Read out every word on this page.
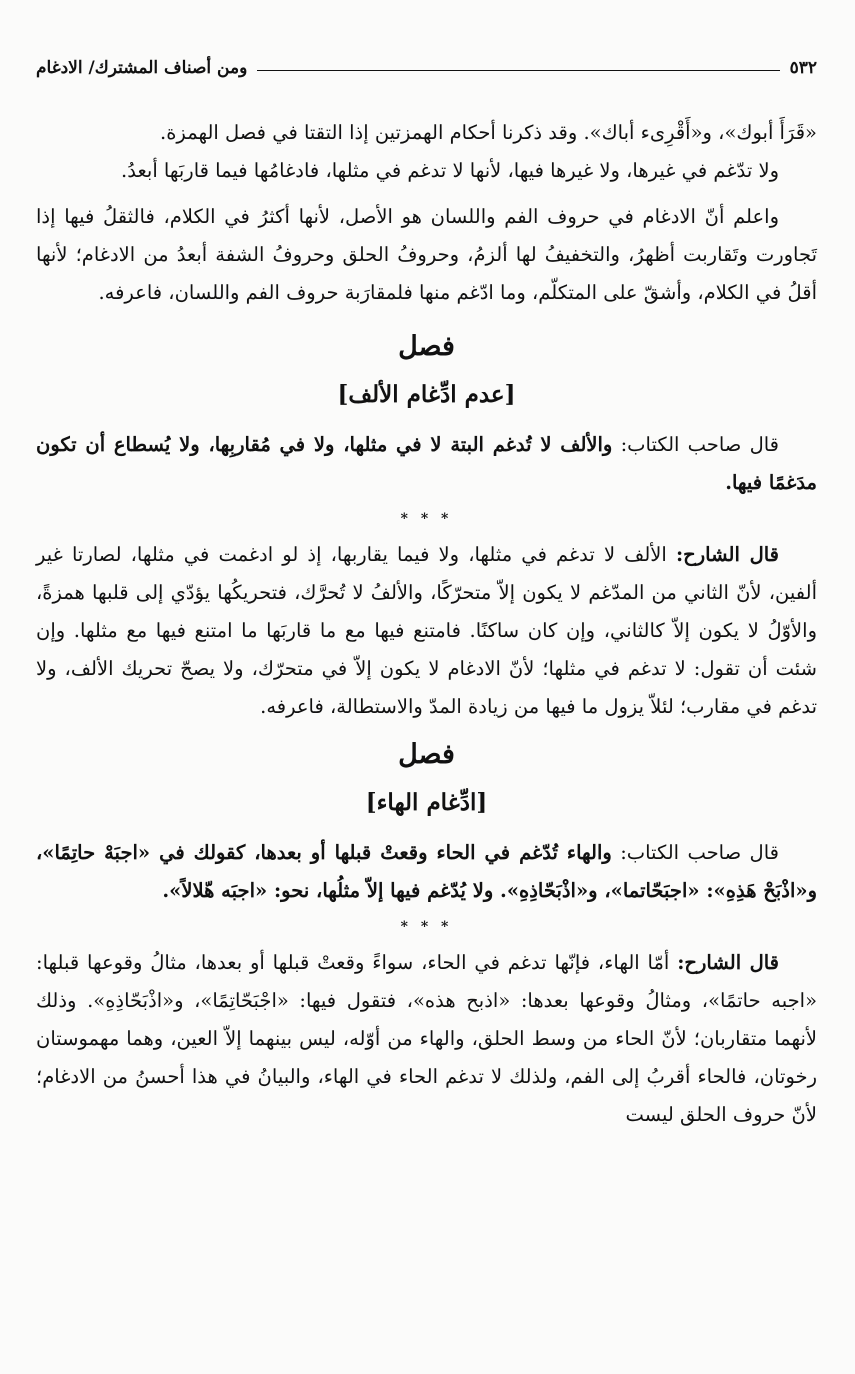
٥٣٢
ومن أصناف المشترك/ الادغام

«قَرَأَ أبوك»، و«أَقْرِىء أباك». وقد ذكرنا أحكام الهمزتين إذا التقتا في فصل الهمزة.

ولا تدّغم في غيرها، ولا غيرها فيها، لأنها لا تدغم في مثلها، فادغامُها فيما قاربَها أبعدُ.

واعلم أنّ الادغام في حروف الفم واللسان هو الأصل، لأنها أكثرُ في الكلام، فالثقلُ فيها إذا تَجاورت وتَقاربت أظهرُ، والتخفيفُ لها ألزمُ، وحروفُ الحلق وحروفُ الشفة أبعدُ من الادغام؛ لأنها أقلُ في الكلام، وأشقّ على المتكلّم، وما ادّغم منها فلمقارَبة حروف الفم واللسان، فاعرفه.

فصل
[عدم ادِّغام الألف]

قال صاحب الكتاب: والألف لا تُدغم البتة لا في مثلها، ولا في مُقاربِها، ولا يُسطاع أن تكون مدَغمًا فيها.

* * *

قال الشارح: الألف لا تدغم في مثلها، ولا فيما يقاربها، إذ لو ادغمت في مثلها، لصارتا غير ألفين، لأنّ الثاني من المدّغم لا يكون إلاّ متحرّكًا، والألفُ لا تُحرَّك، فتحريكُها يؤدّي إلى قلبها همزةً، والأوّلُ لا يكون إلاّ كالثاني، وإن كان ساكنًا. فامتنع فيها مع ما قاربَها ما امتنع فيها مع مثلها. وإن شئت أن تقول: لا تدغم في مثلها؛ لأنّ الادغام لا يكون إلاّ في متحرّك، ولا يصحّ تحريك الألف، ولا تدغم في مقارب؛ لئلاّ يزول ما فيها من زيادة المدّ والاستطالة، فاعرفه.

فصل
[ادِّغام الهاء]

قال صاحب الكتاب: والهاء تُدّغم في الحاء وقعتْ قبلها أو بعدها، كقولك في «اجبَهْ حاتِمًا»، و«اذْبَحْ هَذِهِ»: «اجبَحّاتما»، و«اذْبَحّاذِهِ». ولا يُدّغم فيها إلاّ مثلُها، نحو: «اجبَه هّلالاً».

* * *

قال الشارح: أمّا الهاء، فإنّها تدغم في الحاء، سواءً وقعتْ قبلها أو بعدها، مثالُ وقوعها قبلها: «اجبه حاتمًا»، ومثالُ وقوعها بعدها: «اذبح هذه»، فتقول فيها: «اجْبَحّاتِمًا»، و«اذْبَحّاذِهِ». وذلك لأنهما متقاربان؛ لأنّ الحاء من وسط الحلق، والهاء من أوّله، ليس بينهما إلاّ العين، وهما مهموستان رخوتان، فالحاء أقربُ إلى الفم، ولذلك لا تدغم الحاء في الهاء، والبيانُ في هذا أحسنُ من الادغام؛ لأنّ حروف الحلق ليست
